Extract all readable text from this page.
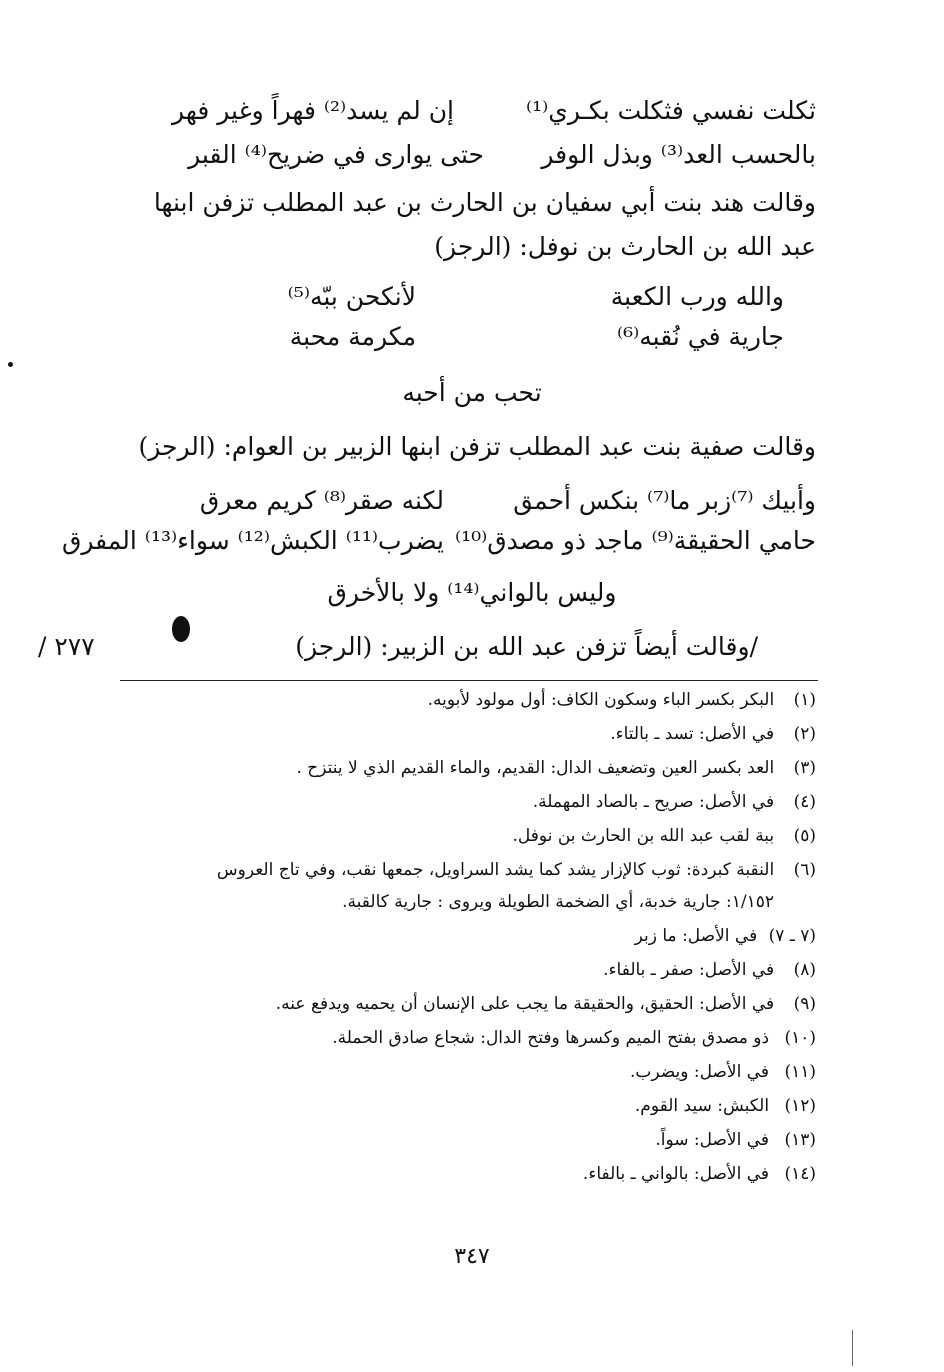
ثكلت نفسي فثكلت بكـري⁽¹⁾
إن لم يسد⁽²⁾ فهراً وغير فهر
بالحسب العد⁽³⁾ وبذل الوفر
حتى يوارى في ضريح⁽⁴⁾ القبر
وقالت هند بنت أبي سفيان بن الحارث بن عبد المطلب تزفن ابنها
عبد الله بن الحارث بن نوفل: (الرجز)
والله ورب الكعبة
لأنكحن ببّه⁽⁵⁾
جارية في نُقبه⁽⁶⁾
مكرمة محبة
تحب من أحبه
وقالت صفية بنت عبد المطلب تزفن ابنها الزبير بن العوام: (الرجز)
وأبيك ⁽⁷⁾زبر ما⁽⁷⁾ بنكس أحمق
لكنه صقر⁽⁸⁾ كريم معرق
حامي الحقيقة⁽⁹⁾ ماجد ذو مصدق⁽¹⁰⁾
يضرب⁽¹¹⁾ الكبش⁽¹²⁾ سواء⁽¹³⁾ المفرق
وليس بالواني⁽¹⁴⁾ ولا بالأخرق
/وقالت أيضاً تزفن عبد الله بن الزبير: (الرجز)
٢٧٧ /
(١) البكر بكسر الباء وسكون الكاف: أول مولود لأبويه.
(٢) في الأصل: تسد ـ بالتاء.
(٣) العد بكسر العين وتضعيف الدال: القديم، والماء القديم الذي لا ينتزح .
(٤) في الأصل: صريح ـ بالصاد المهملة.
(٥) ببة لقب عبد الله بن الحارث بن نوفل.
(٦) النقبة كبردة: ثوب كالإزار يشد كما يشد السراويل، جمعها نقب، وفي تاج العروس
١/١٥٢: جارية خدبة، أي الضخمة الطويلة ويروى : جارية كالقبة.
(٧ ـ ٧) في الأصل: ما زبر
(٨) في الأصل: صفر ـ بالفاء.
(٩) في الأصل: الحقيق، والحقيقة ما يجب على الإنسان أن يحميه ويدفع عنه.
(١٠) ذو مصدق بفتح الميم وكسرها وفتح الدال: شجاع صادق الحملة.
(١١) في الأصل: ويضرب.
(١٢) الكبش: سيد القوم.
(١٣) في الأصل: سواً.
(١٤) في الأصل: بالواني ـ بالفاء.
٣٤٧
